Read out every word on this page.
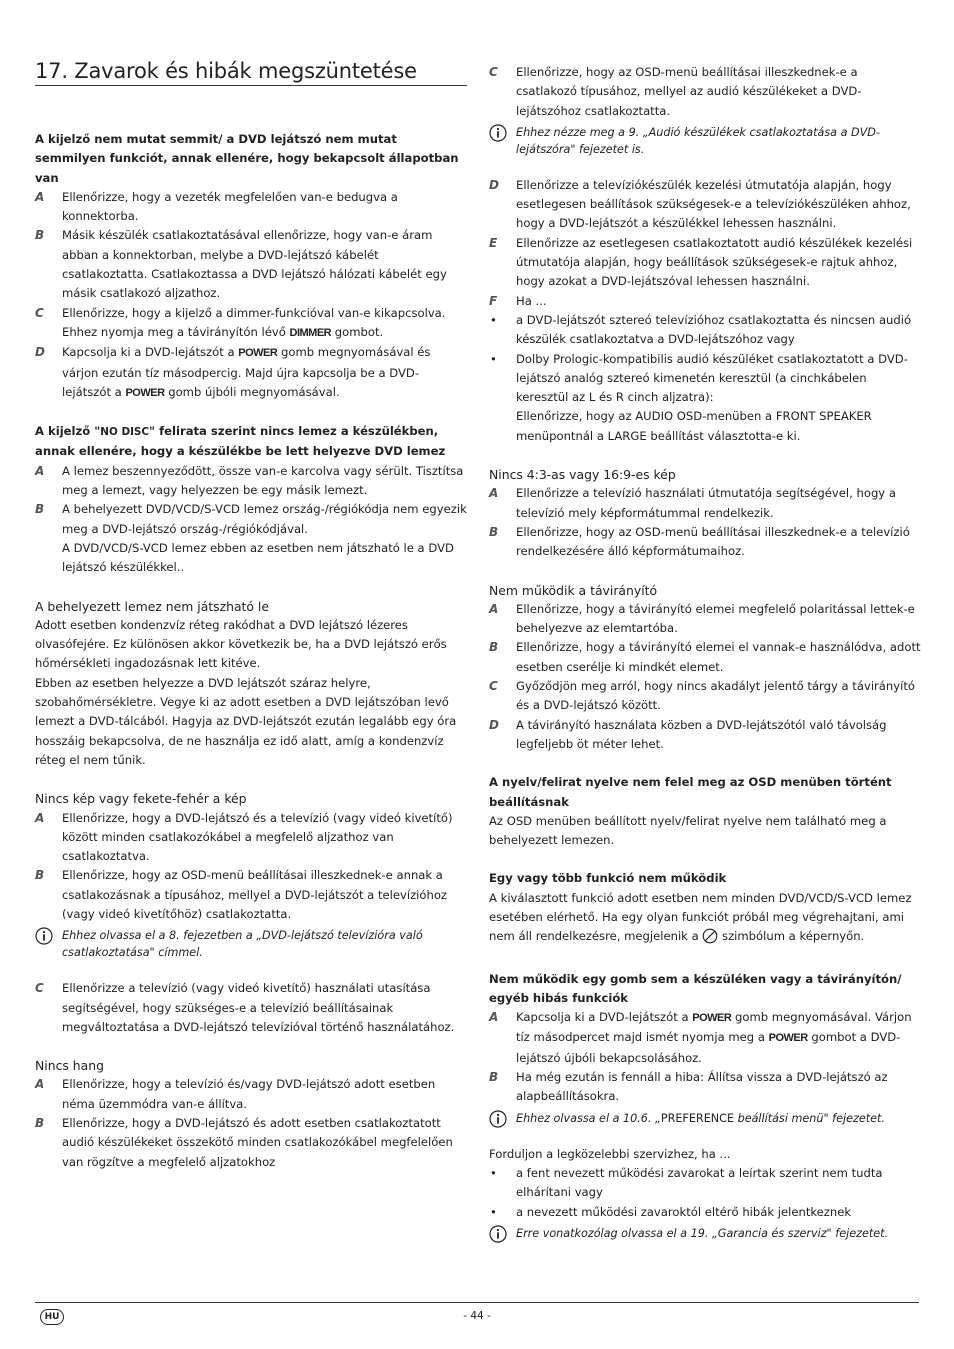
17. Zavarok és hibák megszüntetése

A kijelző nem mutat semmit/ a DVD lejátszó nem mutat semmilyen funkciót, annak ellenére, hogy bekapcsolt állapotban van

A Ellenőrizze, hogy a vezeték megfelelően van-e bedugva a konnektorba.
B Másik készülék csatlakoztatásával ellenőrizze, hogy van-e áram abban a konnektorban, melybe a DVD-lejátszó kábelét csatlakoztatta. Csatlakoztassa a DVD lejátszó hálózati kábelét egy másik csatlakozó aljzathoz.
C Ellenőrizze, hogy a kijelző a dimmer-funkcióval van-e kikapcsolva. Ehhez nyomja meg a távirányítón lévő DIMMER gombot.
D Kapcsolja ki a DVD-lejátszót a POWER gomb megnyomásával és várjon ezután tíz másodpercig. Majd újra kapcsolja be a DVD-lejátszót a POWER gomb újbóli megnyomásával.

A kijelző "NO DISC" felirata szerint nincs lemez a készülékben, annak ellenére, hogy a készülékbe be lett helyezve DVD lemez

A A lemez beszennyeződött, össze van-e karcolva vagy sérült. Tisztítsa meg a lemezt, vagy helyezzen be egy másik lemezt.
B A behelyezett DVD/VCD/S-VCD lemez ország-/régiókódja nem egyezik meg a DVD-lejátszó ország-/régiókódjával.
A DVD/VCD/S-VCD lemez ebben az esetben nem játszható le a DVD lejátszó készülékkel..

A behelyezett lemez nem játszható le

Adott esetben kondenzvíz réteg rakódhat a DVD lejátszó lézeres olvasófejére. Ez különösen akkor következik be, ha a DVD lejátszó erős hőmérsékleti ingadozásnak lett kitéve.

Ebben az esetben helyezze a DVD lejátszót száraz helyre, szobahőmérsékletre. Vegye ki az adott esetben a DVD lejátszóban levő lemezt a DVD-tálcából. Hagyja az DVD-lejátszót ezután legalább egy óra hosszáig bekapcsolva, de ne használja ez idő alatt, amíg a kondenzvíz réteg el nem tűnik.

Nincs kép vagy fekete-fehér a kép

A Ellenőrizze, hogy a DVD-lejátszó és a televízió (vagy videó kivetítő) között minden csatlakozókábel a megfelelő aljzathoz van csatlakoztatva.
B Ellenőrizze, hogy az OSD-menü beállításai illeszkednek-e annak a csatlakozásnak a típusához, mellyel a DVD-lejátszót a televízióhoz (vagy videó kivetítőhöz) csatlakoztatta.
Ehhez olvassa el a 8. fejezetben a „DVD-lejátszó televízióra való csatlakoztatása" címmel.
C Ellenőrizze a televízió (vagy videó kivetítő) használati utasítása segítségével, hogy szükséges-e a televízió beállításainak megváltoztatása a DVD-lejátszó televízióval történő használatához.

Nincs hang

A Ellenőrizze, hogy a televízió és/vagy DVD-lejátszó adott esetben néma üzemmódra van-e állítva.
B Ellenőrizze, hogy a DVD-lejátszó és adott esetben csatlakoztatott audió készülékeket összekötő minden csatlakozókábel megfelelően van rögzítve a megfelelő aljzatokhoz
C Ellenőrizze, hogy az OSD-menü beállításai illeszkednek-e a csatlakozó típusához, mellyel az audió készülékeket a DVD-lejátszóhoz csatlakoztatta.
Ehhez nézze meg a 9. „Audió készülékek csatlakoztatása a DVD-lejátszóra" fejezetet is.
D Ellenőrizze a televíziókészülék kezelési útmutatója alapján, hogy esetlegesen beállítások szükségesek-e a televíziókészüléken ahhoz, hogy a DVD-lejátszót a készülékkel lehessen használni.
E Ellenőrizze az esetlegesen csatlakoztatott audió készülékek kezelési útmutatója alapján, hogy beállítások szükségesek-e rajtuk ahhoz, hogy azokat a DVD-lejátszóval lehessen használni.
F Ha ...
• a DVD-lejátszót sztereó televízióhoz csatlakoztatta és nincsen audió készülék csatlakoztatva a DVD-lejátszóhoz vagy
• Dolby Prologic-kompatibilis audió készüléket csatlakoztatott a DVD-lejátszó analóg sztereó kimenetén keresztül (a cinchkábelen keresztül az L és R cinch aljzatra):
Ellenőrizze, hogy az AUDIO OSD-menüben a FRONT SPEAKER menüpontnál a LARGE beállítást választotta-e ki.

Nincs 4:3-as vagy 16:9-es kép

A Ellenőrizze a televízió használati útmutatója segítségével, hogy a televízió mely képformátummal rendelkezik.
B Ellenőrizze, hogy az OSD-menü beállításai illeszkednek-e a televízió rendelkezésére álló képformátumaihoz.

Nem működik a távirányító

A Ellenőrizze, hogy a távirányító elemei megfelelő polaritással lettek-e behelyezve az elemtartóba.
B Ellenőrizze, hogy a távirányító elemei el vannak-e használódva, adott esetben cserélje ki mindkét elemet.
C Győződjön meg arról, hogy nincs akadályt jelentő tárgy a távirányító és a DVD-lejátszó között.
D A távirányító használata közben a DVD-lejátszótól való távolság legfeljebb öt méter lehet.

A nyelv/felirat nyelve nem felel meg az OSD menüben történt beállításnak

Az OSD menüben beállított nyelv/felirat nyelve nem található meg a behelyezett lemezen.

Egy vagy több funkció nem működik

A kiválasztott funkció adott esetben nem minden DVD/VCD/S-VCD lemez esetében elérhető. Ha egy olyan funkciót próbál meg végrehajtani, ami nem áll rendelkezésre, megjelenik a  szimbólum a képernyőn.

Nem működik egy gomb sem a készüléken vagy a távirányítón/ egyéb hibás funkciók

A Kapcsolja ki a DVD-lejátszót a POWER gomb megnyomásával. Várjon tíz másodpercet majd ismét nyomja meg a POWER gombot a DVD-lejátszó újbóli bekapcsolásához.
B Ha még ezután is fennáll a hiba: Állítsa vissza a DVD-lejátszó az alapbeállításokra.
Ehhez olvassa el a 10.6. „PREFERENCE beállítási menü" fejezetet.

Forduljon a legközelebbi szervizhez, ha ...

• a fent nevezett működési zavarokat a leírtak szerint nem tudta elhárítani vagy
• a nevezett működési zavaroktól eltérő hibák jelentkeznek
Erre vonatkozólag olvassa el a 19. „Garancia és szerviz" fejezetet.
HU	- 44 -
